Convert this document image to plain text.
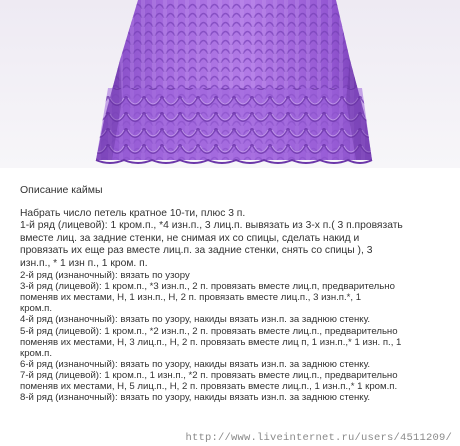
Описание каймы
Набрать число петель кратное 10-ти, плюс 3 п.
1-й ряд (лицевой): 1 кром.п., *4 изн.п., 3 лиц.п. вывязать из 3-х п.( 3 п.провязать
вместе лиц. за задние стенки, не снимая их со спицы, сделать накид и
провязать их еще раз вместе лиц.п. за задние стенки, снять со спицы ), 3
изн.п., * 1 изн п., 1 кром. п.
2-й ряд (изнаночный): вязать по узору
3-й ряд (лицевой): 1 кром.п., *3 изн.п., 2 п. провязать вместе лиц.п, предварительно
поменяв их местами, Н, 1 изн.п., Н, 2 п. провязать вместе лиц.п., 3 изн.п.*, 1
кром.п.
4-й ряд (изнаночный): вязать по узору, накиды вязать изн.п. за заднюю стенку.
5-й ряд (лицевой): 1 кром.п., *2 изн.п., 2 п. провязать вместе лиц.п., предварительно
поменяв их местами, Н, 3 лиц.п., Н, 2 п. провязать вместе лиц п, 1 изн.п.,* 1 изн. п., 1
кром.п.
6-й ряд (изнаночный): вязать по узору, накиды вязать изн.п. за заднюю стенку.
7-й ряд (лицевой): 1 кром.п., 1 изн.п., *2 п. провязать вместе лиц.п., предварительно
поменяв их местами, Н, 5 лиц.п., Н, 2 п. провязать вместе лиц.п., 1 изн.п.,* 1 кром.п.
8-й ряд (изнаночный): вязать по узору, накиды вязать изн.п. за заднюю стенку.
http://www.liveinternet.ru/users/4511209/
